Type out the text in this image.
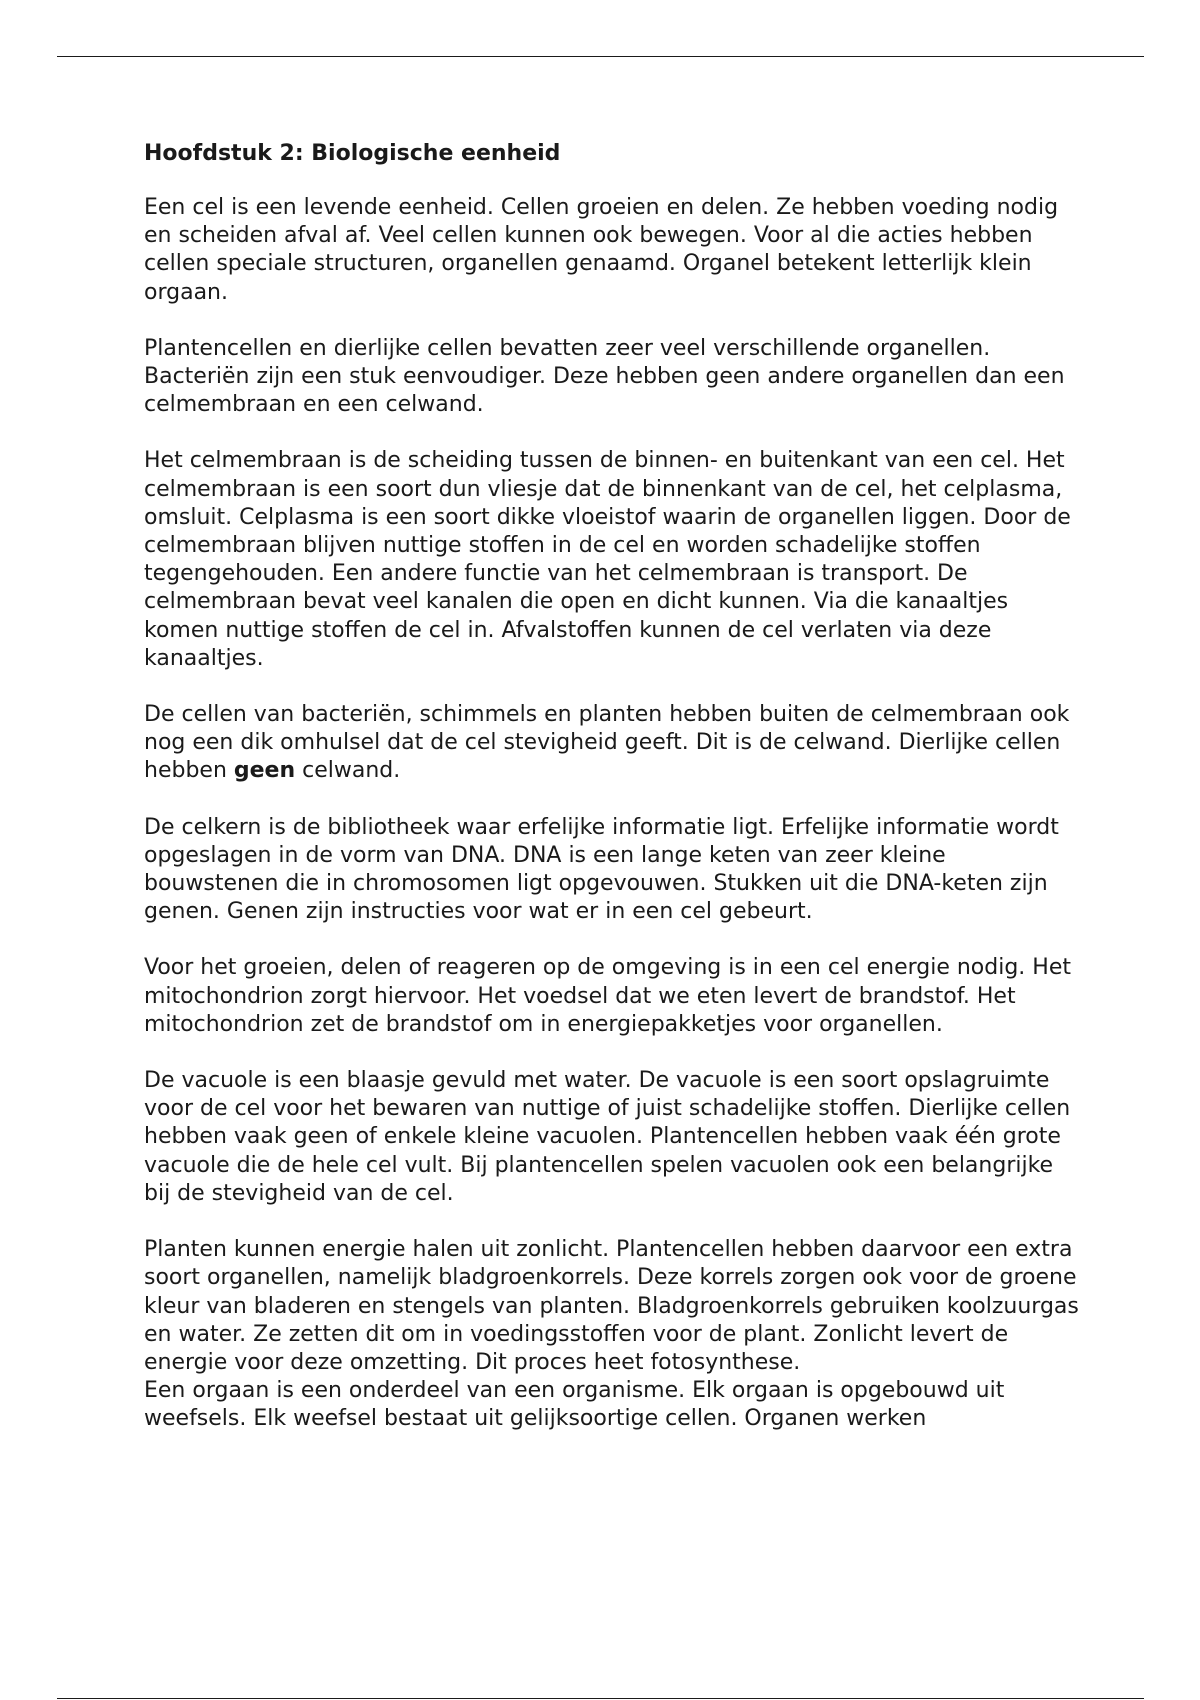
Hoofdstuk 2: Biologische eenheid

Een cel is een levende eenheid. Cellen groeien en delen. Ze hebben voeding nodig en scheiden afval af. Veel cellen kunnen ook bewegen. Voor al die acties hebben cellen speciale structuren, organellen genaamd. Organel betekent letterlijk klein orgaan.

Plantencellen en dierlijke cellen bevatten zeer veel verschillende organellen. Bacteriën zijn een stuk eenvoudiger. Deze hebben geen andere organellen dan een celmembraan en een celwand.

Het celmembraan is de scheiding tussen de binnen- en buitenkant van een cel. Het celmembraan is een soort dun vliesje dat de binnenkant van de cel, het celplasma, omsluit. Celplasma is een soort dikke vloeistof waarin de organellen liggen. Door de celmembraan blijven nuttige stoffen in de cel en worden schadelijke stoffen tegengehouden. Een andere functie van het celmembraan is transport. De celmembraan bevat veel kanalen die open en dicht kunnen. Via die kanaaltjes komen nuttige stoffen de cel in. Afvalstoffen kunnen de cel verlaten via deze kanaaltjes.

De cellen van bacteriën, schimmels en planten hebben buiten de celmembraan ook nog een dik omhulsel dat de cel stevigheid geeft. Dit is de celwand. Dierlijke cellen hebben geen celwand.

De celkern is de bibliotheek waar erfelijke informatie ligt. Erfelijke informatie wordt opgeslagen in de vorm van DNA. DNA is een lange keten van zeer kleine bouwstenen die in chromosomen ligt opgevouwen. Stukken uit die DNA-keten zijn genen. Genen zijn instructies voor wat er in een cel gebeurt.

Voor het groeien, delen of reageren op de omgeving is in een cel energie nodig. Het mitochondrion zorgt hiervoor. Het voedsel dat we eten levert de brandstof. Het mitochondrion zet de brandstof om in energiepakketjes voor organellen.

De vacuole is een blaasje gevuld met water. De vacuole is een soort opslagruimte voor de cel voor het bewaren van nuttige of juist schadelijke stoffen. Dierlijke cellen hebben vaak geen of enkele kleine vacuolen. Plantencellen hebben vaak één grote vacuole die de hele cel vult. Bij plantencellen spelen vacuolen ook een belangrijke bij de stevigheid van de cel.

Planten kunnen energie halen uit zonlicht. Plantencellen hebben daarvoor een extra soort organellen, namelijk bladgroenkorrels. Deze korrels zorgen ook voor de groene kleur van bladeren en stengels van planten. Bladgroenkorrels gebruiken koolzuurgas en water. Ze zetten dit om in voedingsstoffen voor de plant. Zonlicht levert de energie voor deze omzetting. Dit proces heet fotosynthese.

Een orgaan is een onderdeel van een organisme. Elk orgaan is opgebouwd uit weefsels. Elk weefsel bestaat uit gelijksoortige cellen. Organen werken
